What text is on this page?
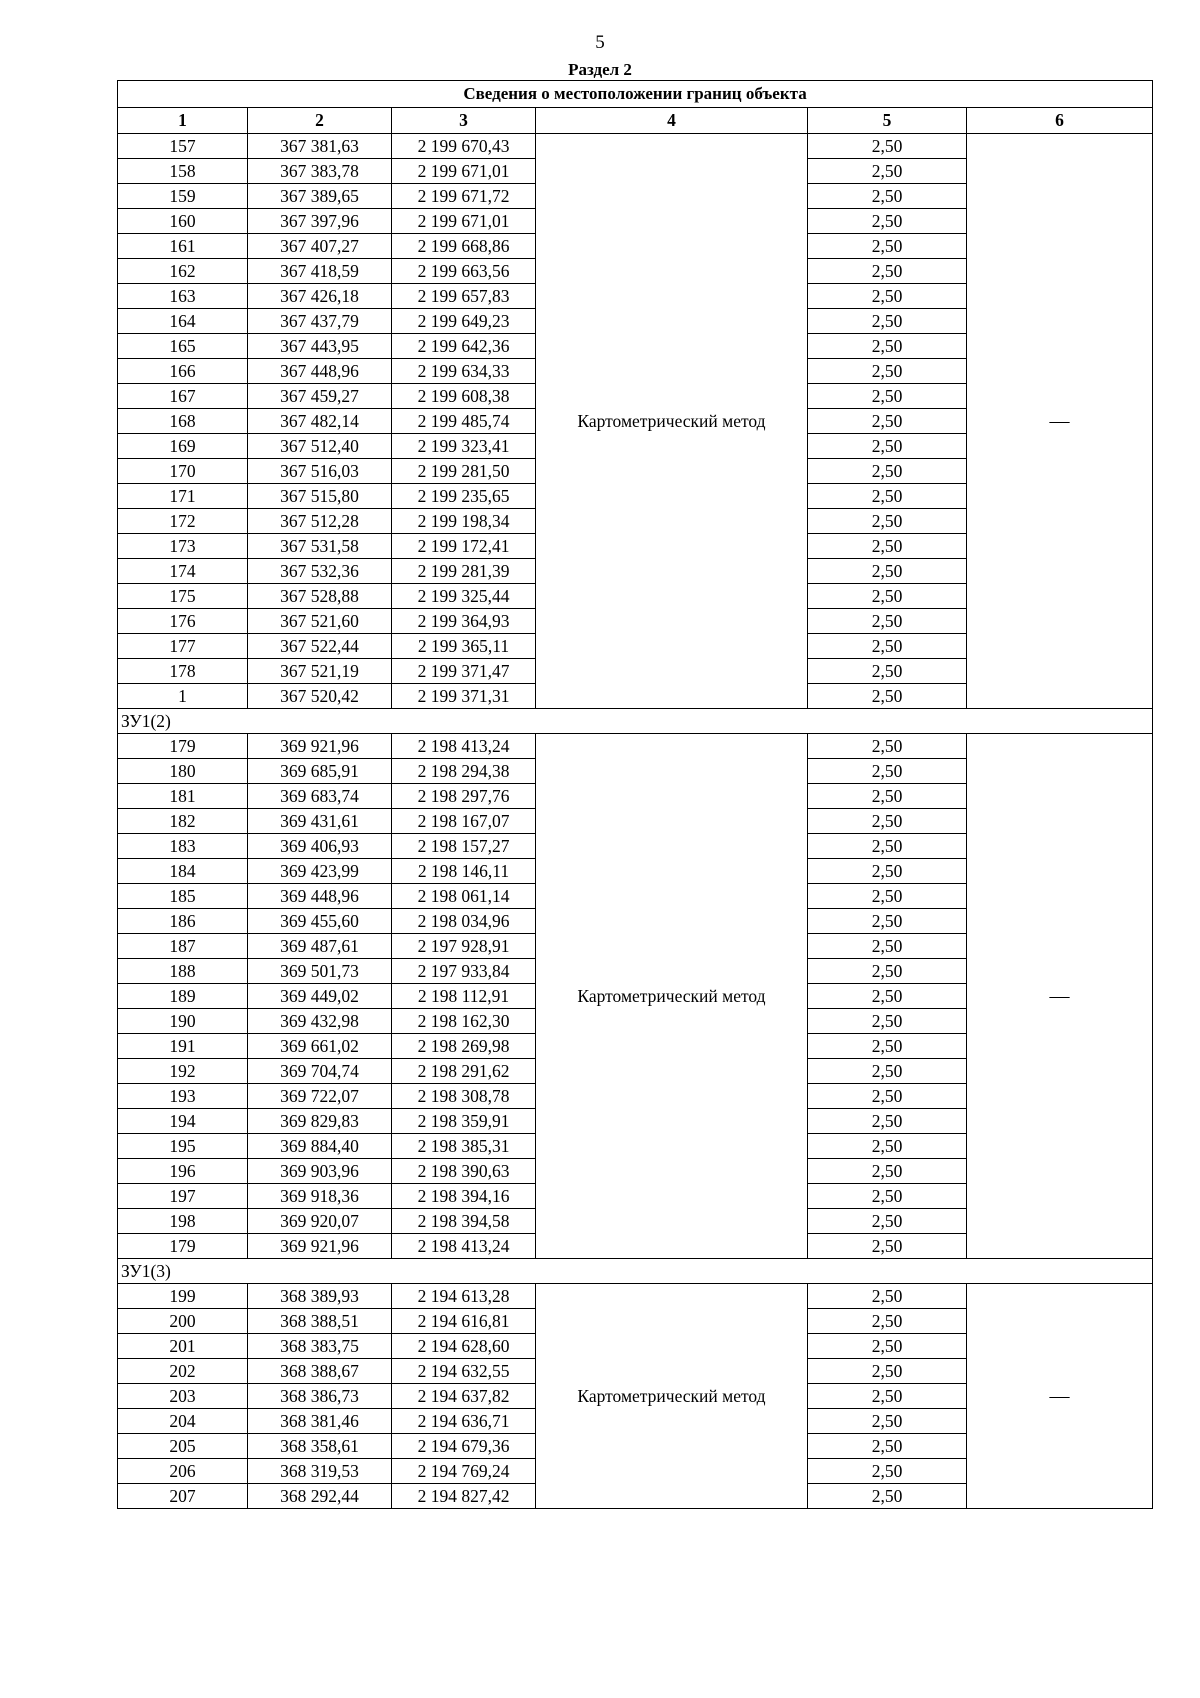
5
Раздел 2
Сведения о местоположении границ объекта					
1	2	3	4	5	6
157	367 381,63	2 199 670,43	Картометрический метод	2,50	—
158	367 383,78	2 199 671,01		2,50	
159	367 389,65	2 199 671,72		2,50	
160	367 397,96	2 199 671,01		2,50	
161	367 407,27	2 199 668,86		2,50	
162	367 418,59	2 199 663,56		2,50	
163	367 426,18	2 199 657,83		2,50	
164	367 437,79	2 199 649,23		2,50	
165	367 443,95	2 199 642,36		2,50	
166	367 448,96	2 199 634,33		2,50	
167	367 459,27	2 199 608,38		2,50	
168	367 482,14	2 199 485,74		2,50	
169	367 512,40	2 199 323,41		2,50	
170	367 516,03	2 199 281,50		2,50	
171	367 515,80	2 199 235,65		2,50	
172	367 512,28	2 199 198,34		2,50	
173	367 531,58	2 199 172,41		2,50	
174	367 532,36	2 199 281,39		2,50	
175	367 528,88	2 199 325,44		2,50	
176	367 521,60	2 199 364,93		2,50	
177	367 522,44	2 199 365,11		2,50	
178	367 521,19	2 199 371,47		2,50	
1	367 520,42	2 199 371,31		2,50	
ЗУ1(2)					
179	369 921,96	2 198 413,24	Картометрический метод	2,50	—
180	369 685,91	2 198 294,38		2,50	
181	369 683,74	2 198 297,76		2,50	
182	369 431,61	2 198 167,07		2,50	
183	369 406,93	2 198 157,27		2,50	
184	369 423,99	2 198 146,11		2,50	
185	369 448,96	2 198 061,14		2,50	
186	369 455,60	2 198 034,96		2,50	
187	369 487,61	2 197 928,91		2,50	
188	369 501,73	2 197 933,84		2,50	
189	369 449,02	2 198 112,91		2,50	
190	369 432,98	2 198 162,30		2,50	
191	369 661,02	2 198 269,98		2,50	
192	369 704,74	2 198 291,62		2,50	
193	369 722,07	2 198 308,78		2,50	
194	369 829,83	2 198 359,91		2,50	
195	369 884,40	2 198 385,31		2,50	
196	369 903,96	2 198 390,63		2,50	
197	369 918,36	2 198 394,16		2,50	
198	369 920,07	2 198 394,58		2,50	
179	369 921,96	2 198 413,24		2,50	
ЗУ1(3)					
199	368 389,93	2 194 613,28	Картометрический метод	2,50	—
200	368 388,51	2 194 616,81		2,50	
201	368 383,75	2 194 628,60		2,50	
202	368 388,67	2 194 632,55		2,50	
203	368 386,73	2 194 637,82		2,50	
204	368 381,46	2 194 636,71		2,50	
205	368 358,61	2 194 679,36		2,50	
206	368 319,53	2 194 769,24		2,50	
207	368 292,44	2 194 827,42		2,50	
